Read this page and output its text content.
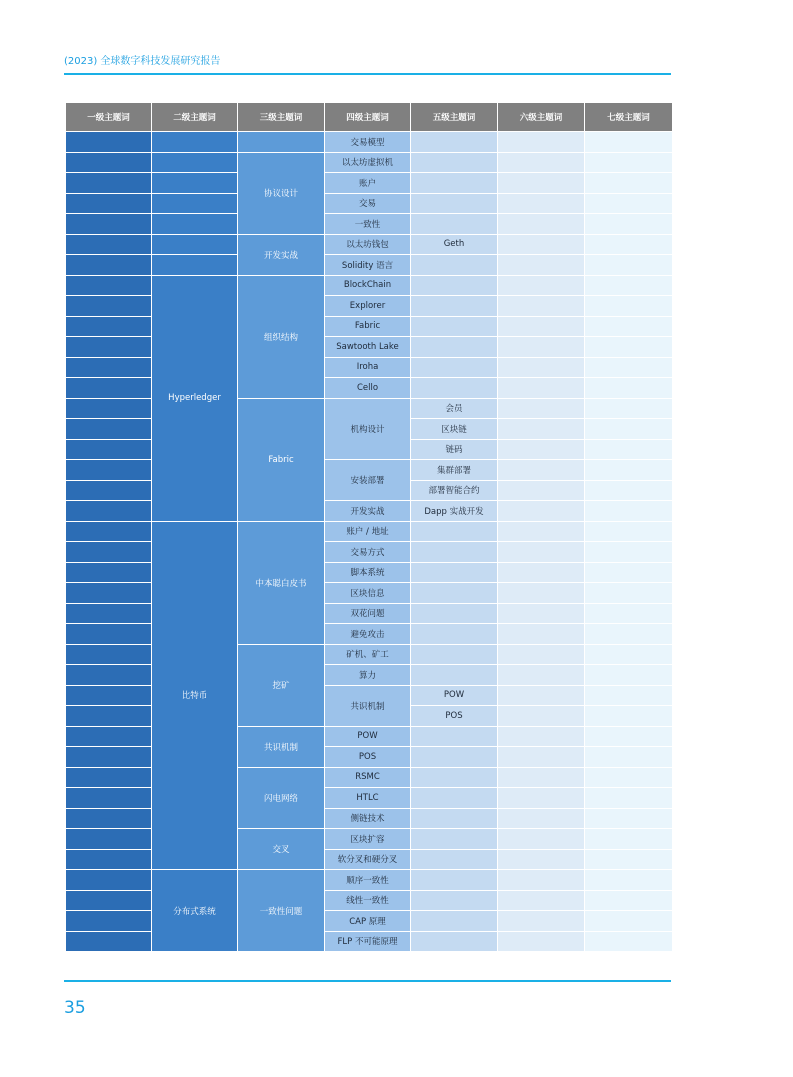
(2023) 全球数字科技发展研究报告
一级主题词	二级主题词	三级主题词	四级主题词	五级主题词	六级主题词	七级主题词
			交易模型			
		协议设计	以太坊虚拟机			
			账户			
			交易			
			一致性			
		开发实战	以太坊钱包	Geth		
			Solidity 语言			
	Hyperledger	组织结构	BlockChain			
			Explorer			
			Fabric			
			Sawtooth Lake			
			Iroha			
			Cello			
		Fabric	机构设计	会员		
				区块链		
				链码		
			安装部署	集群部署		
				部署智能合约		
			开发实战	Dapp 实战开发		
	比特币	中本聪白皮书	账户 / 地址			
			交易方式			
			脚本系统			
			区块信息			
			双花问题			
			避免攻击			
		挖矿	矿机、矿工			
			算力			
			共识机制	POW		
				POS		
		共识机制	POW			
			POS			
		闪电网络	RSMC			
			HTLC			
			侧链技术			
		交叉	区块扩容			
			软分叉和硬分叉			
	分布式系统	一致性问题	顺序一致性			
			线性一致性			
			CAP 原理			
			FLP 不可能原理			
35
